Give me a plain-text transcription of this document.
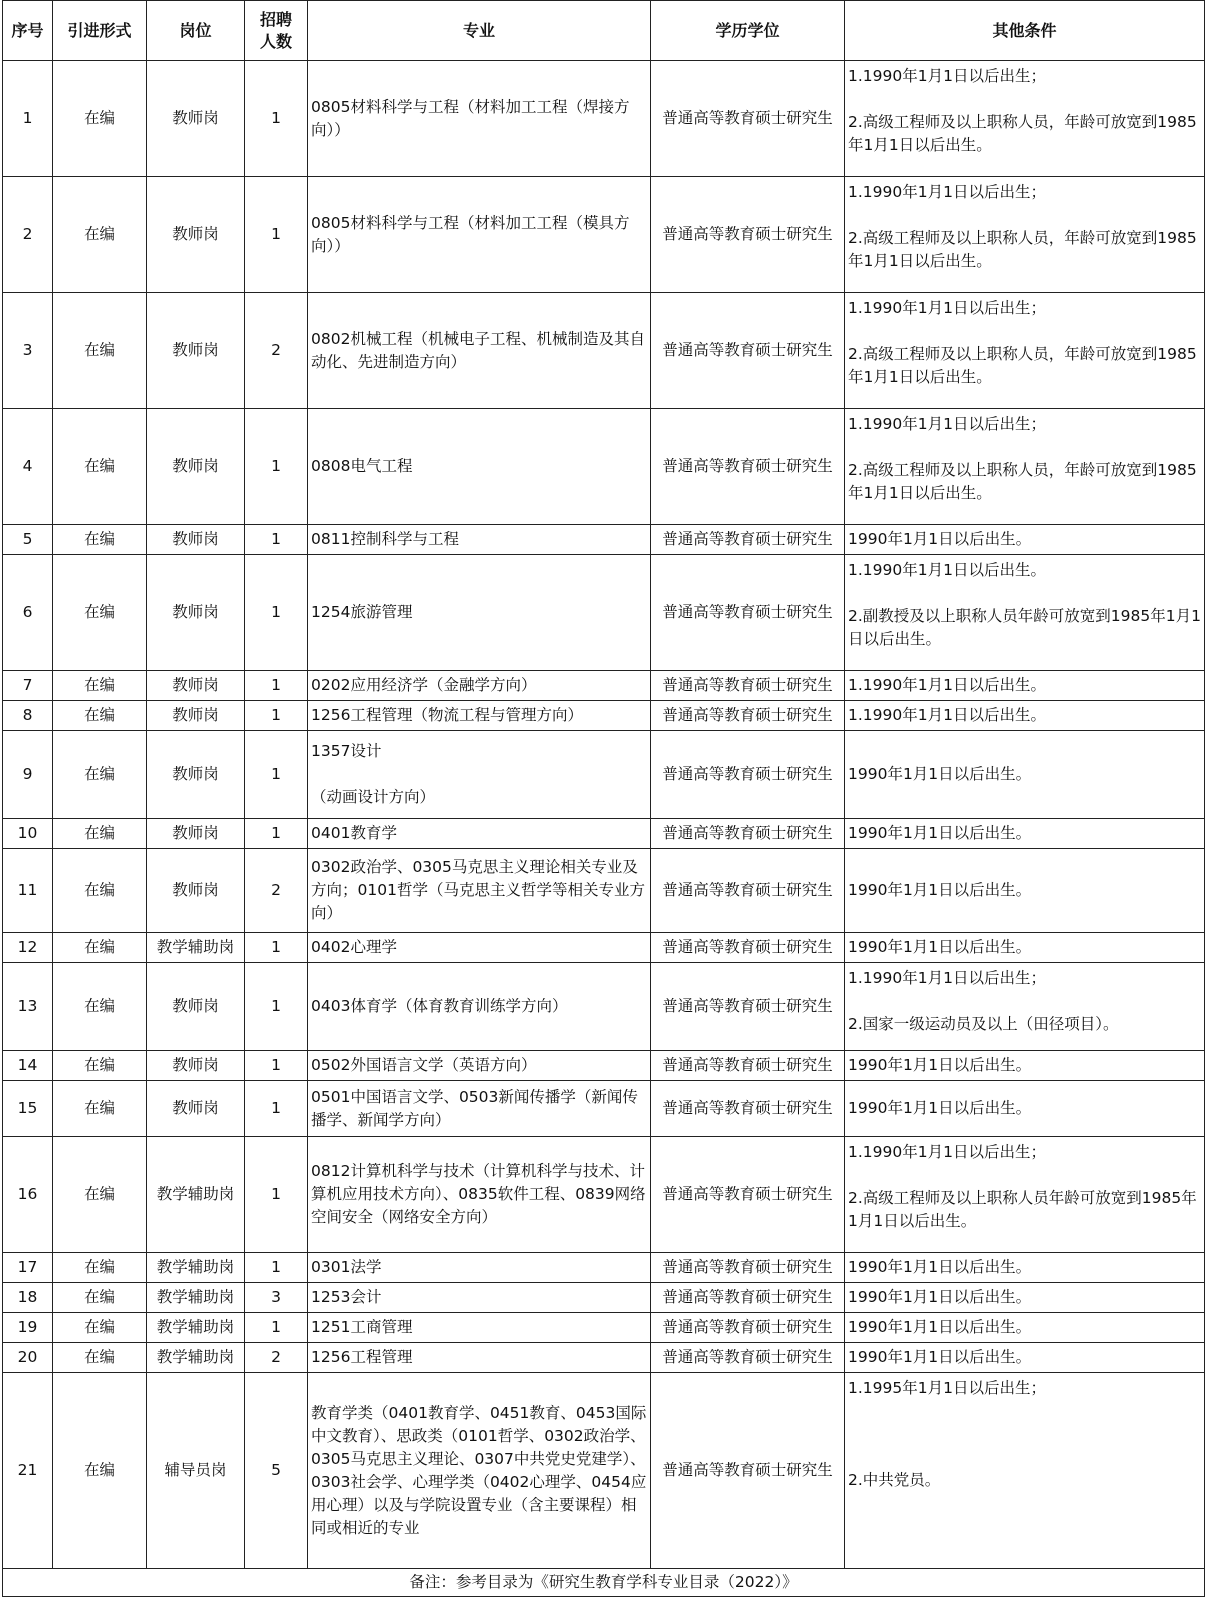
序号	引进形式	岗位	招聘人数	专业	学历学位	其他条件
1	在编	教师岗	1	0805材料科学与工程（材料加工工程（焊接方向））	普通高等教育硕士研究生	1.1990年1月1日以后出生；
2.高级工程师及以上职称人员，年龄可放宽到1985年1月1日以后出生。

2	在编	教师岗	1	0805材料科学与工程（材料加工工程（模具方向））	普通高等教育硕士研究生	1.1990年1月1日以后出生；
2.高级工程师及以上职称人员，年龄可放宽到1985年1月1日以后出生。

3	在编	教师岗	2	0802机械工程（机械电子工程、机械制造及其自动化、先进制造方向）	普通高等教育硕士研究生	1.1990年1月1日以后出生；
2.高级工程师及以上职称人员，年龄可放宽到1985年1月1日以后出生。

4	在编	教师岗	1	0808电气工程	普通高等教育硕士研究生	1.1990年1月1日以后出生；
2.高级工程师及以上职称人员，年龄可放宽到1985年1月1日以后出生。

5	在编	教师岗	1	0811控制科学与工程	普通高等教育硕士研究生	1990年1月1日以后出生。

6	在编	教师岗	1	1254旅游管理	普通高等教育硕士研究生	1.1990年1月1日以后出生。
2.副教授及以上职称人员年龄可放宽到1985年1月1日以后出生。

7	在编	教师岗	1	0202应用经济学（金融学方向）	普通高等教育硕士研究生	1.1990年1月1日以后出生。

8	在编	教师岗	1	1256工程管理（物流工程与管理方向）	普通高等教育硕士研究生	1.1990年1月1日以后出生。

9	在编	教师岗	1	1357设计
（动画设计方向）	普通高等教育硕士研究生	1990年1月1日以后出生。

10	在编	教师岗	1	0401教育学	普通高等教育硕士研究生	1990年1月1日以后出生。

11	在编	教师岗	2	0302政治学、0305马克思主义理论相关专业及方向；0101哲学（马克思主义哲学等相关专业方向）	普通高等教育硕士研究生	1990年1月1日以后出生。

12	在编	教学辅助岗	1	0402心理学	普通高等教育硕士研究生	1990年1月1日以后出生。

13	在编	教师岗	1	0403体育学（体育教育训练学方向）	普通高等教育硕士研究生	1.1990年1月1日以后出生；
2.国家一级运动员及以上（田径项目）。

14	在编	教师岗	1	0502外国语言文学（英语方向）	普通高等教育硕士研究生	1990年1月1日以后出生。

15	在编	教师岗	1	0501中国语言文学、0503新闻传播学（新闻传播学、新闻学方向）	普通高等教育硕士研究生	1990年1月1日以后出生。

16	在编	教学辅助岗	1	0812计算机科学与技术（计算机科学与技术、计算机应用技术方向）、0835软件工程、0839网络空间安全（网络安全方向）	普通高等教育硕士研究生	1.1990年1月1日以后出生；
2.高级工程师及以上职称人员年龄可放宽到1985年1月1日以后出生。

17	在编	教学辅助岗	1	0301法学	普通高等教育硕士研究生	1990年1月1日以后出生。

18	在编	教学辅助岗	3	1253会计	普通高等教育硕士研究生	1990年1月1日以后出生。

19	在编	教学辅助岗	1	1251工商管理	普通高等教育硕士研究生	1990年1月1日以后出生。

20	在编	教学辅助岗	2	1256工程管理	普通高等教育硕士研究生	1990年1月1日以后出生。

21	在编	辅导员岗	5	教育学类（0401教育学、0451教育、0453国际中文教育）、思政类（0101哲学、0302政治学、0305马克思主义理论、0307中共党史党建学）、0303社会学、心理学类（0402心理学、0454应用心理）以及与学院设置专业（含主要课程）相同或相近的专业	普通高等教育硕士研究生	1.1995年1月1日以后出生；
2.中共党员。

备注：参考目录为《研究生教育学科专业目录（2022）》						
